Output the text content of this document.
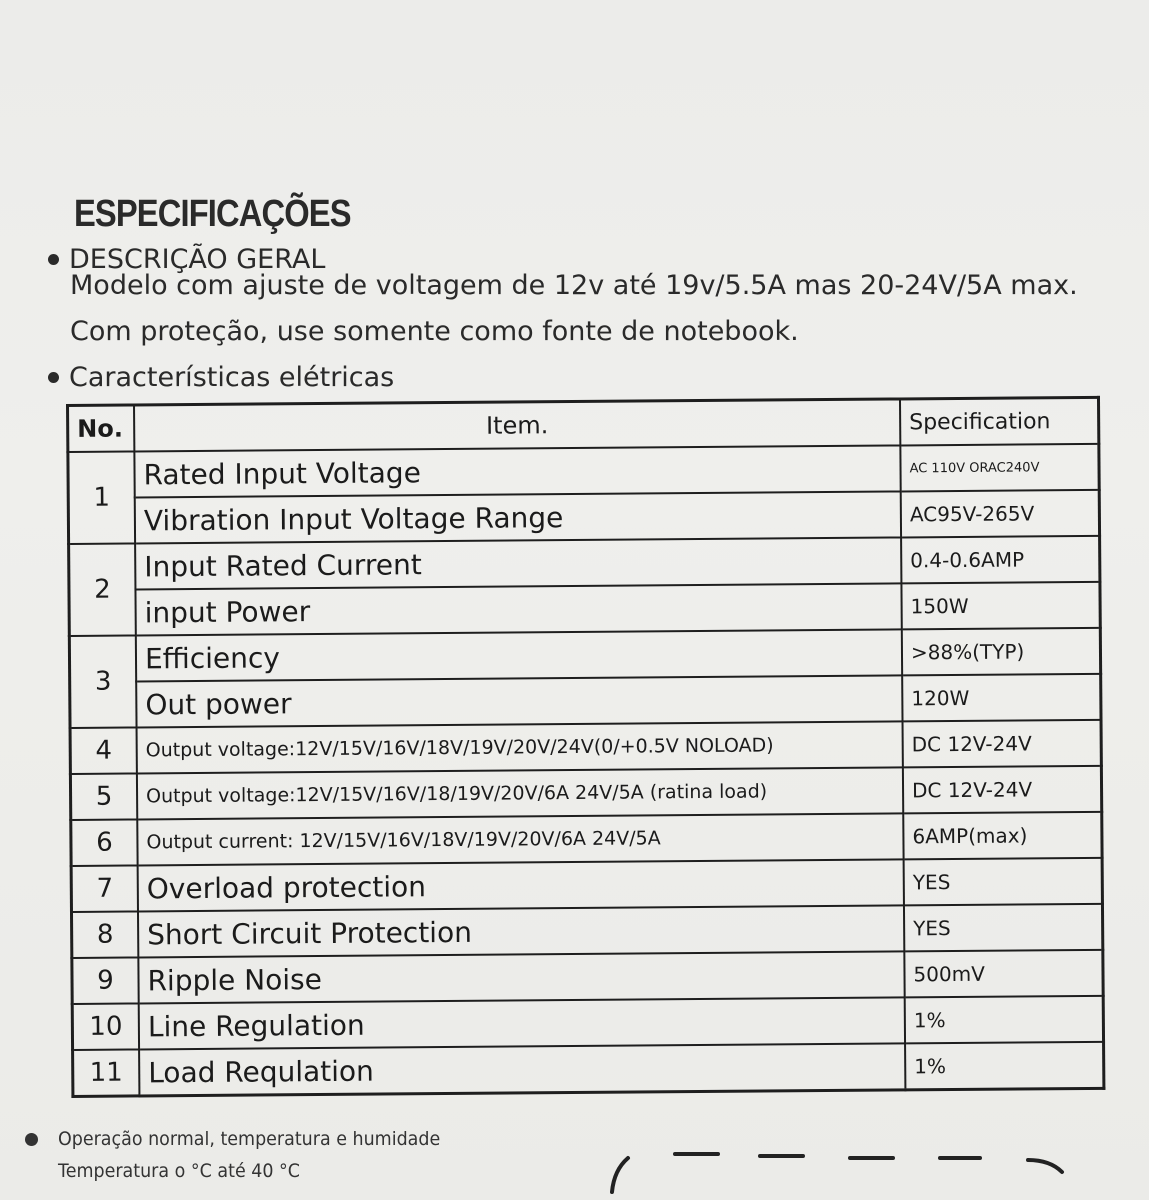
ESPECIFICAÇÕES
DESCRIÇÃO GERAL
Modelo com ajuste de voltagem de 12v até 19v/5.5A mas 20-24V/5A max.
Com proteção, use somente como fonte de notebook.
Características elétricas
No.	Item.	Specification
1	Rated Input Voltage	AC 110V ORAC240V
	Vibration Input Voltage Range	AC95V-265V
2	Input Rated Current	0.4-0.6AMP
	input Power	150W
3	Efficiency	>88%(TYP)
	Out power	120W
4	Output voltage:12V/15V/16V/18V/19V/20V/24V(0/+0.5V NOLOAD)	DC 12V-24V
5	Output voltage:12V/15V/16V/18/19V/20V/6A 24V/5A (ratina load)	DC 12V-24V
6	Output current: 12V/15V/16V/18V/19V/20V/6A 24V/5A	6AMP(max)
7	Overload protection	YES
8	Short Circuit Protection	YES
9	Ripple Noise	500mV
10	Line Regulation	1%
11	Load Requlation	1%
Operação normal, temperatura e humidade
Temperatura o °C até 40 °C
